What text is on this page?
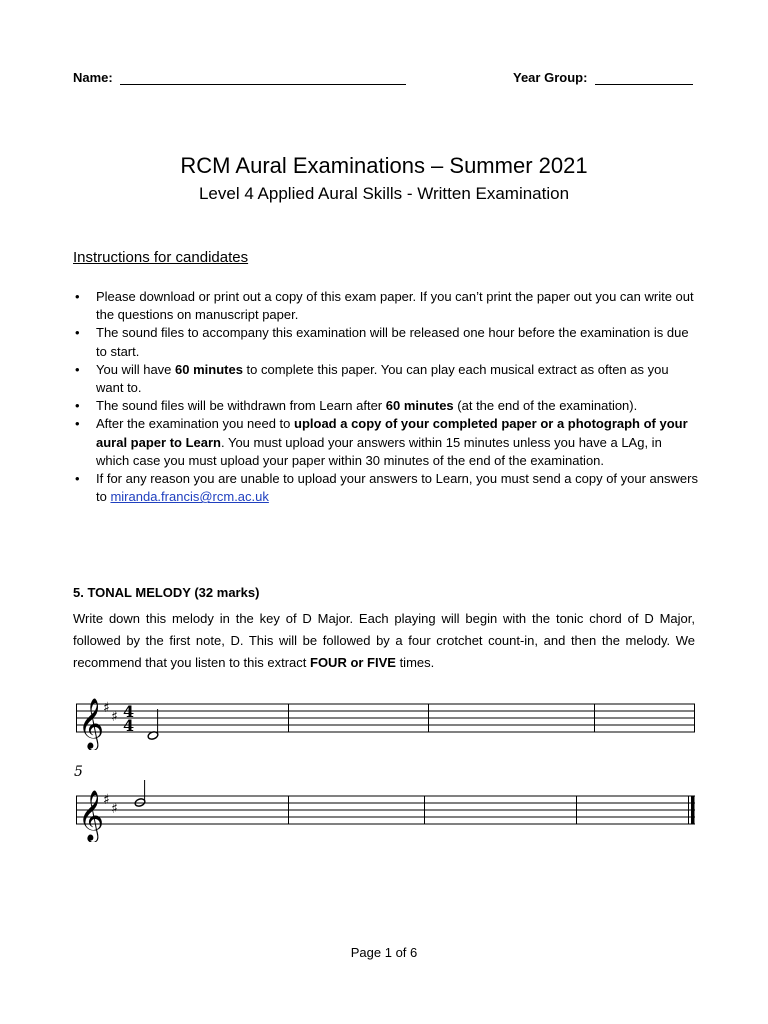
Name:	Year Group:
RCM Aural Examinations – Summer 2021
Level 4 Applied Aural Skills - Written Examination
Instructions for candidates
• Please download or print out a copy of this exam paper. If you can’t print the paper out you can write out the questions on manuscript paper.
• The sound files to accompany this examination will be released one hour before the examination is due to start.
• You will have 60 minutes to complete this paper. You can play each musical extract as often as you want to.
• The sound files will be withdrawn from Learn after 60 minutes (at the end of the examination).
• After the examination you need to upload a copy of your completed paper or a photograph of your aural paper to Learn. You must upload your answers within 15 minutes unless you have a LAg, in which case you must upload your paper within 30 minutes of the end of the examination.
• If for any reason you are unable to upload your answers to Learn, you must send a copy of your answers to miranda.francis@rcm.ac.uk
5. TONAL MELODY (32 marks)
Write down this melody in the key of D Major. Each playing will begin with the tonic chord of D Major, followed by the first note, D. This will be followed by a four crotchet count-in, and then the melody. We recommend that you listen to this extract FOUR or FIVE times.
𝄞
♯
♯ 4
4
5
𝄞
♯
♯
Page 1 of 6
